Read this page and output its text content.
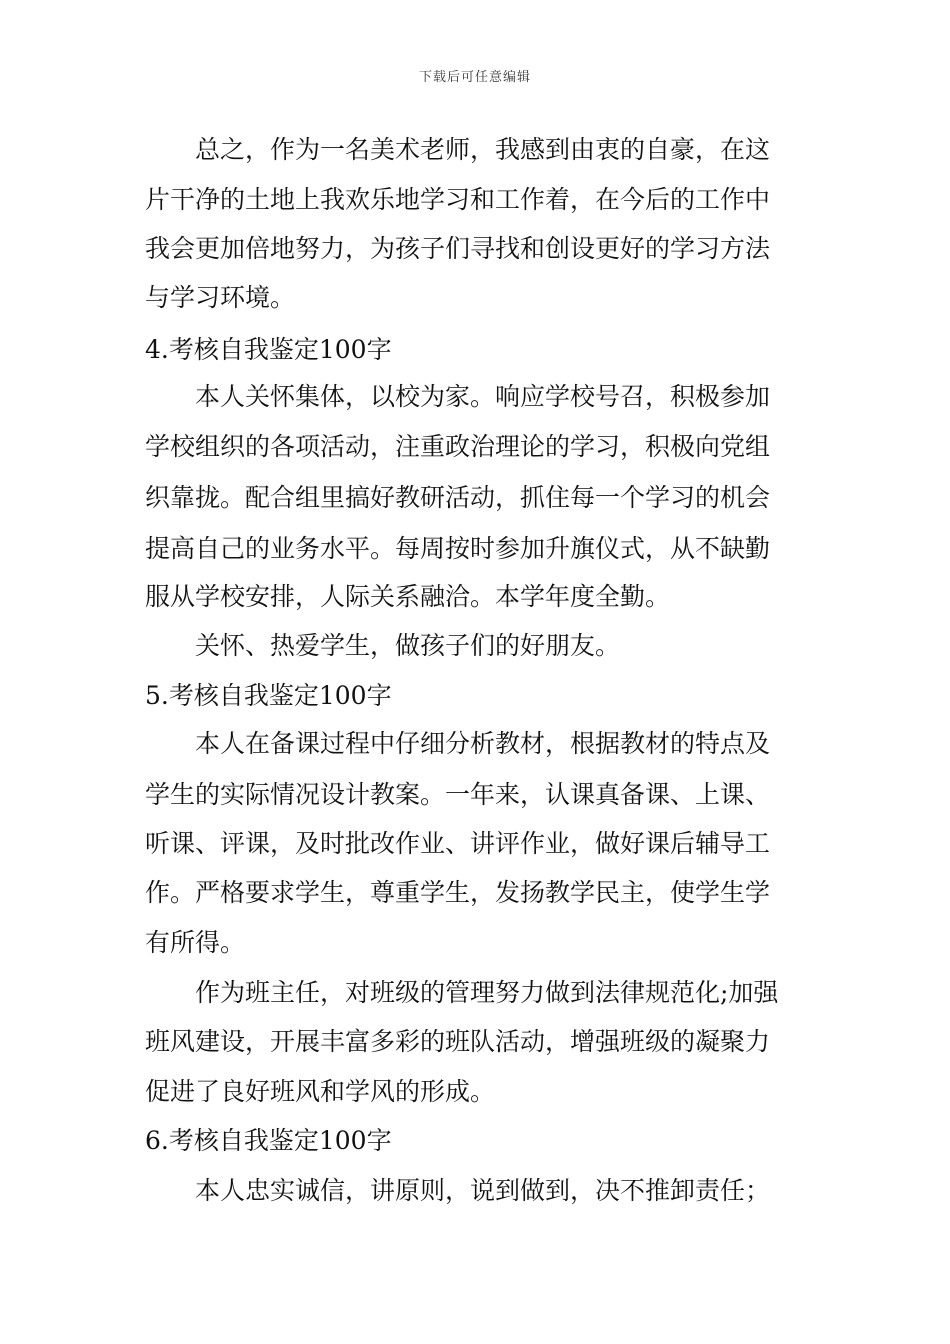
下载后可任意编辑
总之，作为一名美术老师，我感到由衷的自豪，在这
片干净的土地上我欢乐地学习和工作着，在今后的工作中
我会更加倍地努力，为孩子们寻找和创设更好的学习方法
与学习环境。
4.考核自我鉴定100字
本人关怀集体，以校为家。响应学校号召，积极参加
学校组织的各项活动，注重政治理论的学习，积极向党组
织靠拢。配合组里搞好教研活动，抓住每一个学习的机会
提高自己的业务水平。每周按时参加升旗仪式，从不缺勤
服从学校安排，人际关系融洽。本学年度全勤。
关怀、热爱学生，做孩子们的好朋友。
5.考核自我鉴定100字
本人在备课过程中仔细分析教材，根据教材的特点及
学生的实际情况设计教案。一年来，认课真备课、上课、
听课、评课，及时批改作业、讲评作业，做好课后辅导工
作。严格要求学生，尊重学生，发扬教学民主，使学生学
有所得。
作为班主任，对班级的管理努力做到法律规范化;加强
班风建设，开展丰富多彩的班队活动，增强班级的凝聚力
促进了良好班风和学风的形成。
6.考核自我鉴定100字
本人忠实诚信，讲原则，说到做到，决不推卸责任；
